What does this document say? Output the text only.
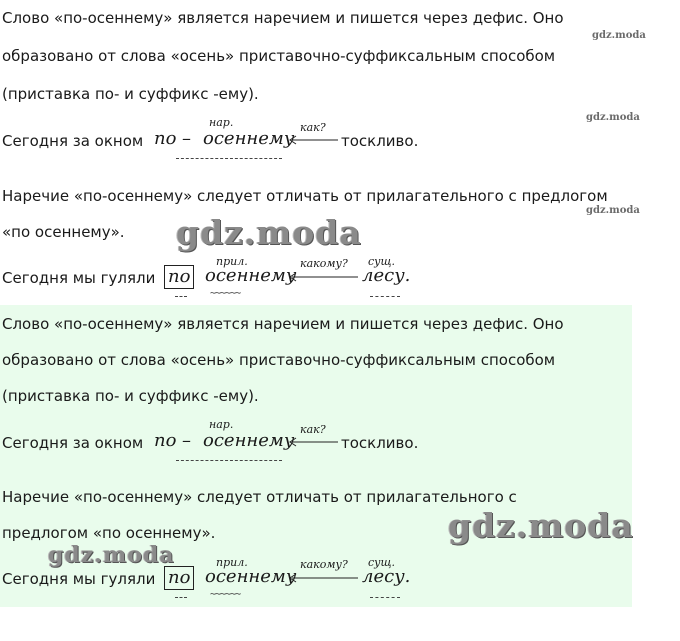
Слово «по-осеннему» является наречием и пишется через дефис. Оно
образовано от слова «осень» приставочно-суффиксальным способом
(приставка по- и суффикс -ему).
Сегодня за окном по – осеннему
нар.	как?
тоскливо.
Наречие «по-осеннему» следует отличать от прилагательного с предлогом
«по осеннему».
Сегодня мы гуляли по осеннему
прил.	какому?
лесу.
сущ.
∼∼∼∼∼∼
Слово «по-осеннему» является наречием и пишется через дефис. Оно
образовано от слова «осень» приставочно-суффиксальным способом
(приставка по- и суффикс -ему).
Сегодня за окном по – осеннему
нар.	как?
тоскливо.
Наречие «по-осеннему» следует отличать от прилагательного с
предлогом «по осеннему».
Сегодня мы гуляли по осеннему
прил.	какому?
лесу.
сущ.
∼∼∼∼∼∼
gdz.moda
gdz.moda
gdz.moda
gdz.moda
gdz.moda
gdz.moda
